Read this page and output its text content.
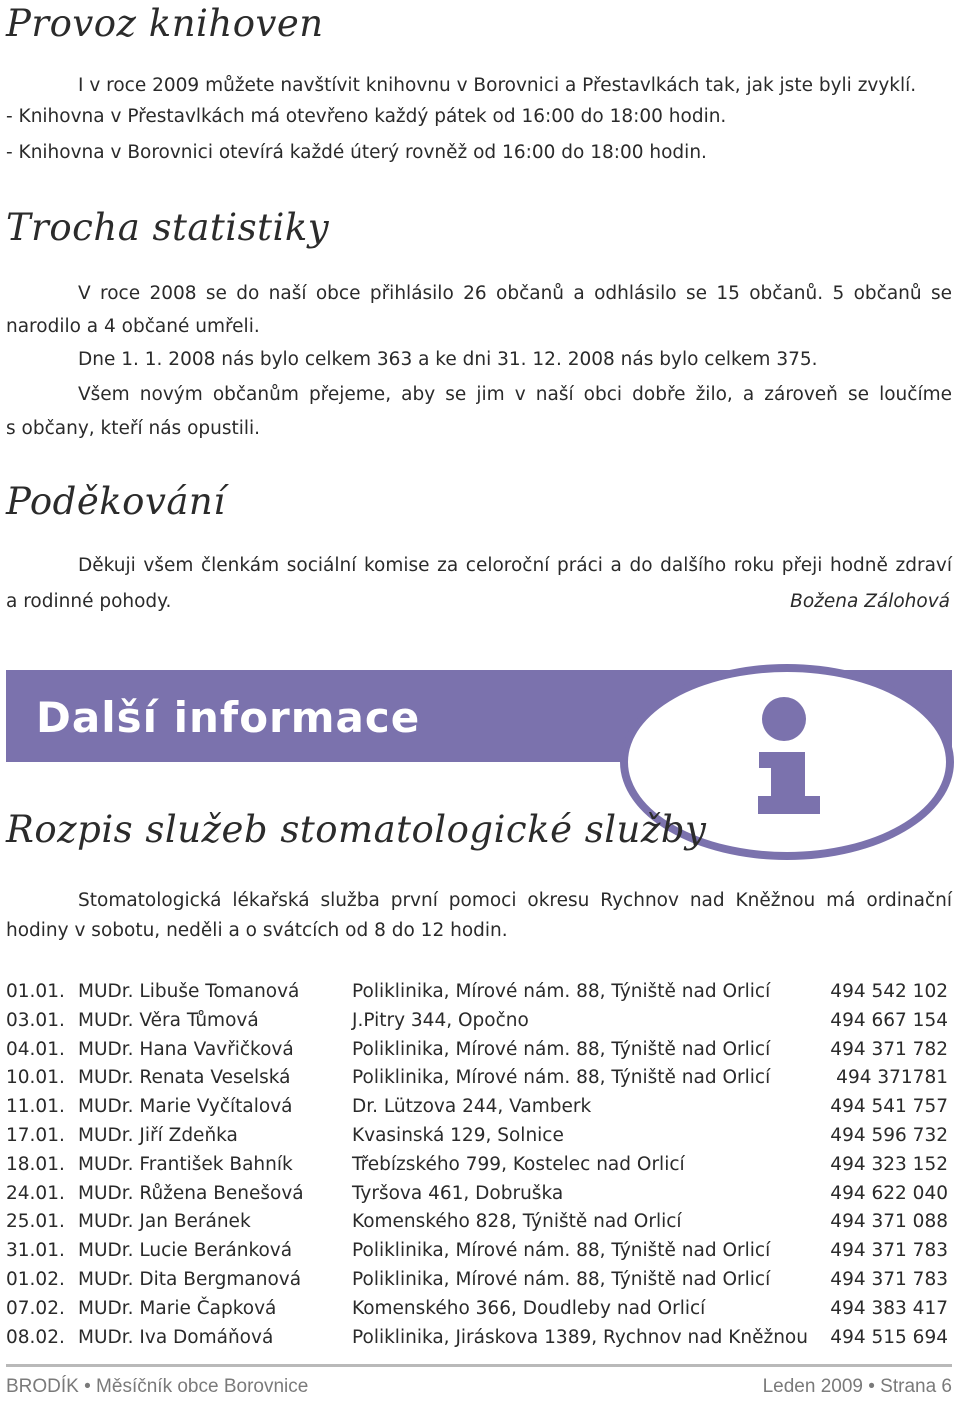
Provoz knihoven

I v roce 2009 můžete navštívit knihovnu v Borovnici a Přestavlkách tak, jak jste byli zvyklí.

- Knihovna v Přestavlkách má otevřeno každý pátek od 16:00 do 18:00 hodin.

- Knihovna v Borovnici otevírá každé úterý rovněž od 16:00 do 18:00 hodin.

Trocha statistiky

V roce 2008 se do naší obce přihlásilo 26 občanů a odhlásilo se 15 občanů. 5 občanů se

narodilo a 4 občané umřeli.

Dne 1. 1. 2008 nás bylo celkem 363 a ke dni 31. 12. 2008 nás bylo celkem 375.

Všem novým občanům přejeme, aby se jim v naší obci dobře žilo, a zároveň se loučíme

s občany, kteří nás opustili.

Poděkování

Děkuji všem členkám sociální komise za celoroční práci a do dalšího roku přeji hodně zdraví

a rodinné pohody.	Božena Zálohová

Další informace
Rozpis služeb stomatologické služby

Stomatologická lékařská služba první pomoci okresu Rychnov nad Kněžnou má ordinační

hodiny v sobotu, neděli a o svátcích od 8 do 12 hodin.

01.01. MUDr. Libuše Tomanová	Poliklinika, Mírové nám. 88, Týniště nad Orlicí	494 542 102
03.01. MUDr. Věra Tůmová	J.Pitry 344, Opočno	494 667 154
04.01. MUDr. Hana Vavřičková	Poliklinika, Mírové nám. 88, Týniště nad Orlicí	494 371 782
10.01. MUDr. Renata Veselská	Poliklinika, Mírové nám. 88, Týniště nad Orlicí	494 371781
11.01. MUDr. Marie Vyčítalová	Dr. Lützova 244, Vamberk	494 541 757
17.01. MUDr. Jiří Zdeňka	Kvasinská 129, Solnice	494 596 732
18.01. MUDr. František Bahník	Třebízského 799, Kostelec nad Orlicí	494 323 152
24.01. MUDr. Růžena Benešová	Tyršova 461, Dobruška	494 622 040
25.01. MUDr. Jan Beránek	Komenského 828, Týniště nad Orlicí	494 371 088
31.01. MUDr. Lucie Beránková	Poliklinika, Mírové nám. 88, Týniště nad Orlicí	494 371 783
01.02. MUDr. Dita Bergmanová	Poliklinika, Mírové nám. 88, Týniště nad Orlicí	494 371 783
07.02. MUDr. Marie Čapková	Komenského 366, Doudleby nad Orlicí	494 383 417
08.02. MUDr. Iva Domáňová	Poliklinika, Jiráskova 1389, Rychnov nad Kněžnou 494 515 694
BRODÍK • Měsíčník obce Borovnice	Leden 2009 • Strana 6
